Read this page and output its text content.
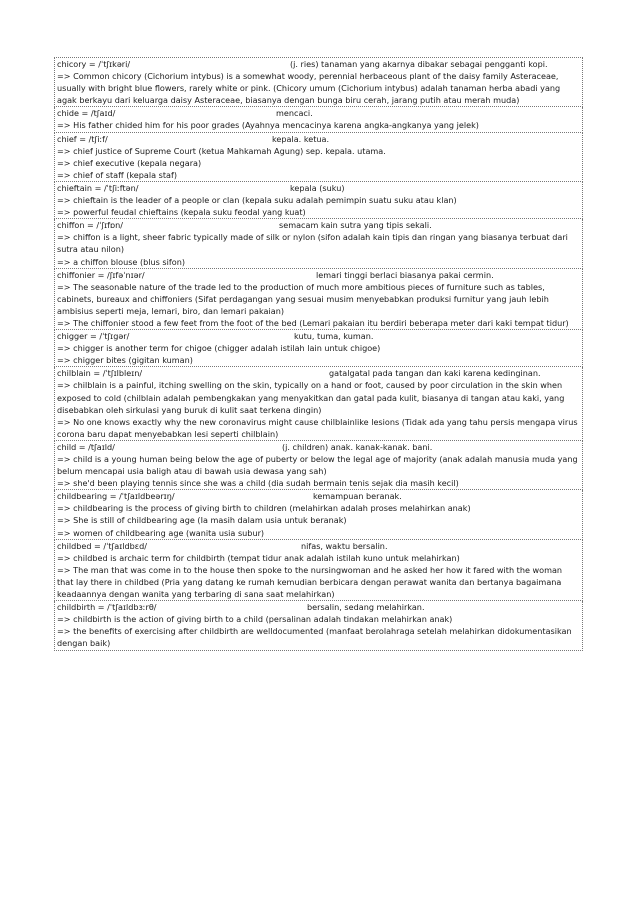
chicory = /ˈtʃɪkəri/	(j. ries) tanaman yang akarnya dibakar sebagai pengganti kopi.
=> Common chicory (Cichorium intybus) is a somewhat woody, perennial herbaceous plant of the daisy family Asteraceae, usually with bright blue flowers, rarely white or pink. (Chicory umum (Cichorium intybus) adalah tanaman herba abadi yang agak berkayu dari keluarga daisy Asteraceae, biasanya dengan bunga biru cerah, jarang putih atau merah muda)
chide = /tʃaɪd/	mencaci.
=> His father chided him for his poor grades (Ayahnya mencacinya karena angka-angkanya yang jelek)
chief = /tʃiːf/	kepala. ketua.
=> chief justice of Supreme Court (ketua Mahkamah Agung) sep. kepala. utama.
=> chief executive (kepala negara)
=> chief of staff (kepala staf)
chieftain = /ˈtʃiːftən/	kepala (suku)
=> chieftain is the leader of a people or clan (kepala suku adalah pemimpin suatu suku atau klan)
=> powerful feudal chieftains (kepala suku feodal yang kuat)
chiffon = /ˈʃɪfɒn/	semacam kain sutra yang tipis sekali.
=> chiffon is a light, sheer fabric typically made of silk or nylon (sifon adalah kain tipis dan ringan yang biasanya terbuat dari sutra atau nilon)
=> a chiffon blouse (blus sifon)
chiffonier = /ʃɪfəˈnɪər/	lemari tinggi berlaci biasanya pakai cermin.
=> The seasonable nature of the trade led to the production of much more ambitious pieces of furniture such as tables, cabinets, bureaux and chiffoniers (Sifat perdagangan yang sesuai musim menyebabkan produksi furnitur yang jauh lebih ambisius seperti meja, lemari, biro, dan lemari pakaian)
=> The chiffonier stood a few feet from the foot of the bed (Lemari pakaian itu berdiri beberapa meter dari kaki tempat tidur)
chigger = /ˈtʃɪgər/	kutu, tuma, kuman.
=> chigger is another term for chigoe (chigger adalah istilah lain untuk chigoe)
=> chigger bites (gigitan kuman)
chilblain = /ˈtʃɪlbleɪn/	gatalgatal pada tangan dan kaki karena kedinginan.
=> chilblain is a painful, itching swelling on the skin, typically on a hand or foot, caused by poor circulation in the skin when exposed to cold (chilblain adalah pembengkakan yang menyakitkan dan gatal pada kulit, biasanya di tangan atau kaki, yang disebabkan oleh sirkulasi yang buruk di kulit saat terkena dingin)
=> No one knows exactly why the new coronavirus might cause chilblainlike lesions (Tidak ada yang tahu persis mengapa virus corona baru dapat menyebabkan lesi seperti chilblain)
child = /tʃaɪld/	(j. children) anak. kanak-kanak. bani.
=> child is a young human being below the age of puberty or below the legal age of majority (anak adalah manusia muda yang belum mencapai usia baligh atau di bawah usia dewasa yang sah)
=> she'd been playing tennis since she was a child (dia sudah bermain tenis sejak dia masih kecil)
childbearing = /ˈtʃaɪldbeərɪŋ/	kemampuan beranak.
=> childbearing is the process of giving birth to children (melahirkan adalah proses melahirkan anak)
=> She is still of childbearing age (Ia masih dalam usia untuk beranak)
=> women of childbearing age (wanita usia subur)
childbed = /ˈtʃaɪldbɛd/	nifas, waktu bersalin.
=> childbed is archaic term for childbirth (tempat tidur anak adalah istilah kuno untuk melahirkan)
=> The man that was come in to the house then spoke to the nursingwoman and he asked her how it fared with the woman that lay there in childbed (Pria yang datang ke rumah kemudian berbicara dengan perawat wanita dan bertanya bagaimana keadaannya dengan wanita yang terbaring di sana saat melahirkan)
childbirth = /ˈtʃaɪldbɜːrθ/	bersalin, sedang melahirkan.
=> childbirth is the action of giving birth to a child (persalinan adalah tindakan melahirkan anak)
=> the benefits of exercising after childbirth are welldocumented (manfaat berolahraga setelah melahirkan didokumentasikan dengan baik)
